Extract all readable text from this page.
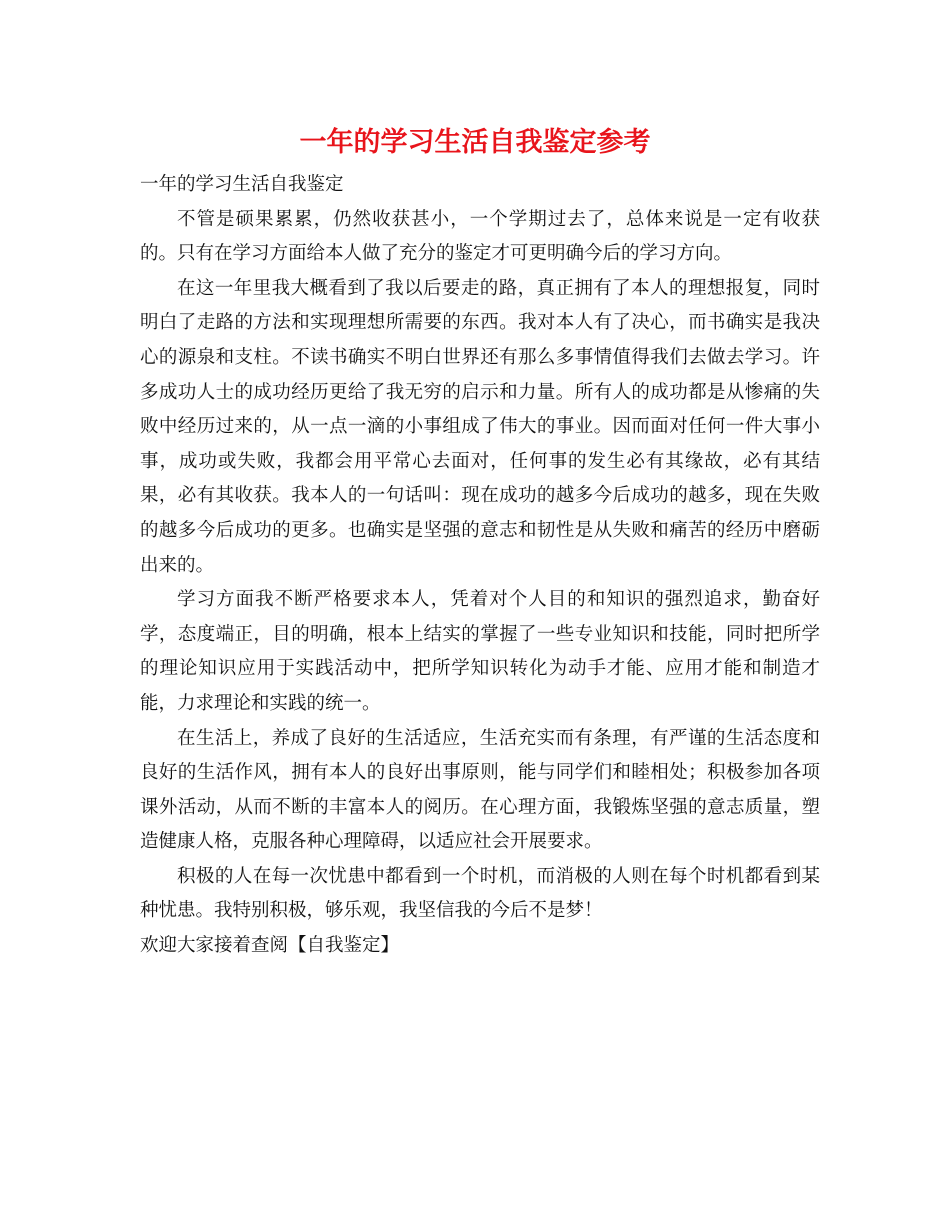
一年的学习生活自我鉴定参考

一年的学习生活自我鉴定

不管是硕果累累，仍然收获甚小，一个学期过去了，总体来说是一定有收获的。只有在学习方面给本人做了充分的鉴定才可更明确今后的学习方向。

在这一年里我大概看到了我以后要走的路，真正拥有了本人的理想报复，同时明白了走路的方法和实现理想所需要的东西。我对本人有了决心，而书确实是我决心的源泉和支柱。不读书确实不明白世界还有那么多事情值得我们去做去学习。许多成功人士的成功经历更给了我无穷的启示和力量。所有人的成功都是从惨痛的失败中经历过来的，从一点一滴的小事组成了伟大的事业。因而面对任何一件大事小事，成功或失败，我都会用平常心去面对，任何事的发生必有其缘故，必有其结果，必有其收获。我本人的一句话叫：现在成功的越多今后成功的越多，现在失败的越多今后成功的更多。也确实是坚强的意志和韧性是从失败和痛苦的经历中磨砺出来的。

学习方面我不断严格要求本人，凭着对个人目的和知识的强烈追求，勤奋好学，态度端正，目的明确，根本上结实的掌握了一些专业知识和技能，同时把所学的理论知识应用于实践活动中，把所学知识转化为动手才能、应用才能和制造才能，力求理论和实践的统一。

在生活上，养成了良好的生活适应，生活充实而有条理，有严谨的生活态度和良好的生活作风，拥有本人的良好出事原则，能与同学们和睦相处；积极参加各项课外活动，从而不断的丰富本人的阅历。在心理方面，我锻炼坚强的意志质量，塑造健康人格，克服各种心理障碍，以适应社会开展要求。

积极的人在每一次忧患中都看到一个时机，而消极的人则在每个时机都看到某种忧患。我特别积极，够乐观，我坚信我的今后不是梦！

欢迎大家接着查阅【自我鉴定】
